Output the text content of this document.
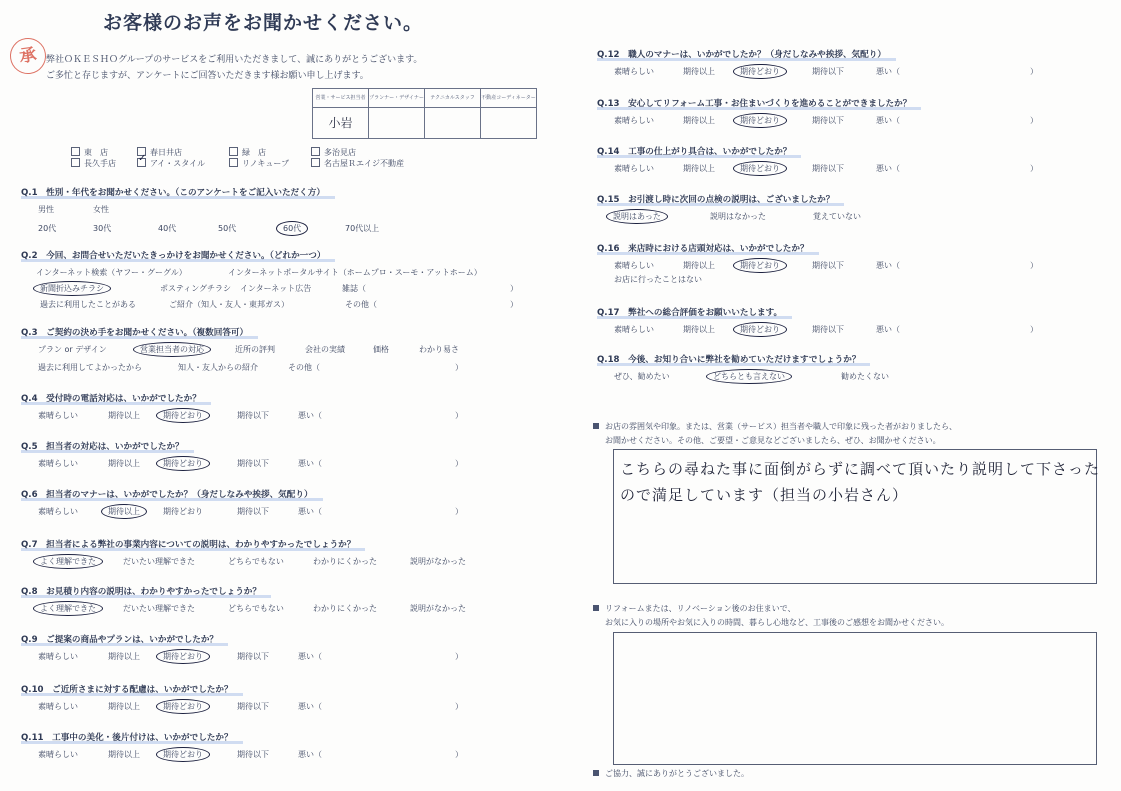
お客様のお声をお聞かせください。
承 弊社ＯＫＥＳＨＯグループのサービスをご利用いただきまして、誠にありがとうございます。
ご多忙と存じますが、アンケートにご回答いただきます様お願い申し上げます。
営業・サービス担当者	プランナー・デザイナー	テクニカルスタッフ	不動産コーディネーター
小岩			
お店の雰囲気や印象。または、営業（サービス）担当者や職人で印象に残った者がおりましたら、
お聞かせください。その他、ご要望・ご意見などございましたら、ぜひ、お聞かせください。
こちらの尋ねた事に面倒がらずに調べて頂いたり説明して下さった
ので満足しています（担当の小岩さん）
リフォームまたは、リノベーション後のお住まいで、
お気に入りの場所やお気に入りの時間、暮らし心地など、工事後のご感想をお聞かせください。
ご協力、誠にありがとうございました。
東　店	春日井店	緑　店	多治見店
長久手店 ✓	アイ・スタイル	リノキューブ	名古屋Ｒエイジ不動産
Q.1　性別・年代をお聞かせください。（このアンケートをご記入いただく方）
男性	女性
20代	30代	40代	50代	60代	70代以上
Q.2　今回、お問合せいただいたきっかけをお聞かせください。（どれか一つ）
インターネット検索（ヤフー・グーグル）	インターネットポータルサイト（ホームプロ・スーモ・アットホーム）
新聞折込みチラシ	ポスティングチラシ インターネット広告	雑誌（	）
過去に利用したことがある	ご紹介（知人・友人・東邦ガス）	その他（	）
Q.3　ご契約の決め手をお聞かせください。（複数回答可）
プラン or デザイン	営業担当者の対応	近所の評判	会社の実績	価格	わかり易さ
過去に利用してよかったから	知人・友人からの紹介	その他（	）
Q.4　受付時の電話対応は、いかがでしたか？
素晴らしい	期待以上	期待どおり	期待以下	悪い（	）
Q.5　担当者の対応は、いかがでしたか？
素晴らしい	期待以上	期待どおり	期待以下	悪い（	）
Q.6　担当者のマナーは、いかがでしたか？（身だしなみや挨拶、気配り）
素晴らしい	期待以上	期待どおり	期待以下	悪い（	）
Q.7　担当者による弊社の事業内容についての説明は、わかりやすかったでしょうか？
よく理解できた	だいたい理解できた	どちらでもない	わかりにくかった	説明がなかった
Q.8　お見積り内容の説明は、わかりやすかったでしょうか？
よく理解できた	だいたい理解できた	どちらでもない	わかりにくかった	説明がなかった
Q.9　ご提案の商品やプランは、いかがでしたか？
素晴らしい	期待以上	期待どおり	期待以下	悪い（	）
Q.10　ご近所さまに対する配慮は、いかがでしたか？
素晴らしい	期待以上	期待どおり	期待以下	悪い（	）
Q.11　工事中の美化・後片付けは、いかがでしたか？
素晴らしい	期待以上	期待どおり	期待以下	悪い（	）
Q.12　職人のマナーは、いかがでしたか？（身だしなみや挨拶、気配り）
素晴らしい	期待以上	期待どおり	期待以下	悪い（	）
Q.13　安心してリフォーム工事・お住まいづくりを進めることができましたか？
素晴らしい	期待以上	期待どおり	期待以下	悪い（	）
Q.14　工事の仕上がり具合は、いかがでしたか？
素晴らしい	期待以上	期待どおり	期待以下	悪い（	）
Q.15　お引渡し時に次回の点検の説明は、ございましたか？
説明はあった	説明はなかった	覚えていない
Q.16　来店時における店頭対応は、いかがでしたか？
素晴らしい	期待以上	期待どおり	期待以下	悪い（	）
お店に行ったことはない
Q.17　弊社への総合評価をお願いいたします。
素晴らしい	期待以上	期待どおり	期待以下	悪い（	）
Q.18　今後、お知り合いに弊社を勧めていただけますでしょうか？
ぜひ、勧めたい	どちらとも言えない	勧めたくない
